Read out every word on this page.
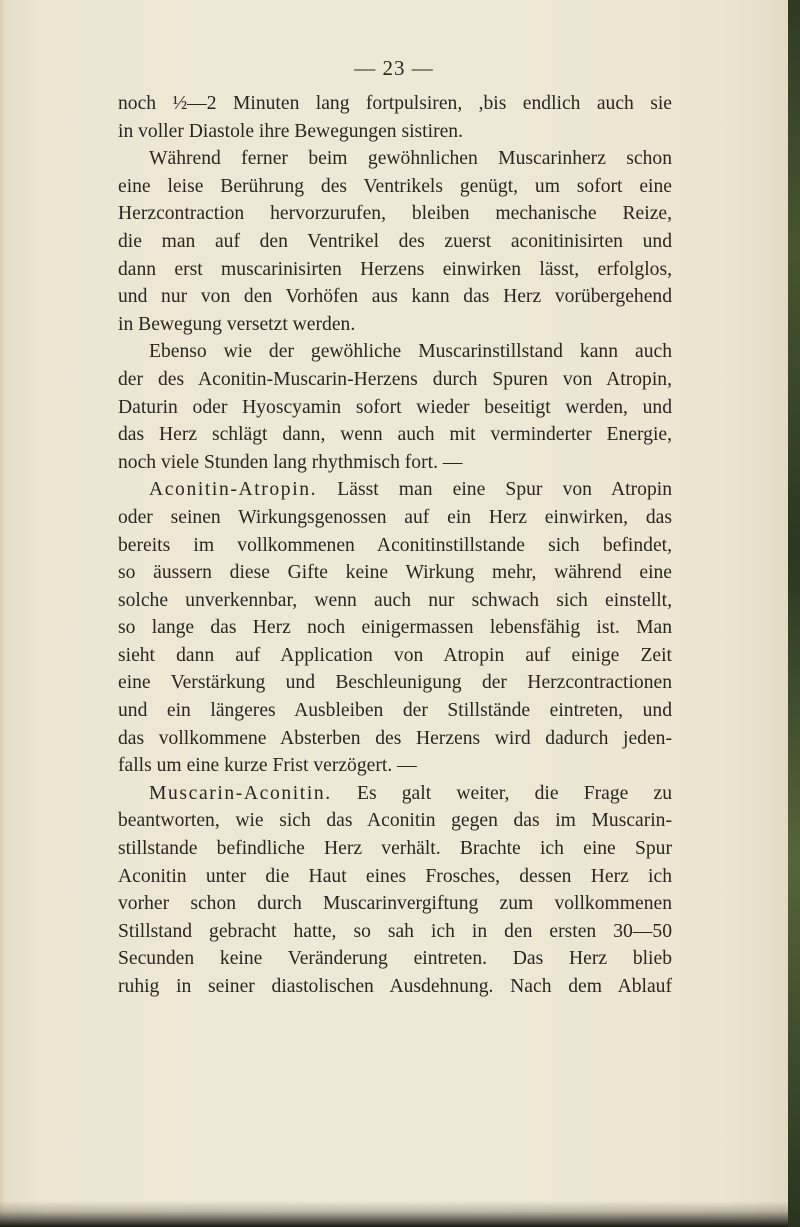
— 23 —
noch ½—2 Minuten lang fortpulsiren, ,bis endlich auch sie
in voller Diastole ihre Bewegungen sistiren.
Während ferner beim gewöhnlichen Muscarinherz schon
eine leise Berührung des Ventrikels genügt, um sofort eine
Herzcontraction hervorzurufen, bleiben mechanische Reize,
die man auf den Ventrikel des zuerst aconitinisirten und
dann erst muscarinisirten Herzens einwirken lässt, erfolglos,
und nur von den Vorhöfen aus kann das Herz vorübergehend
in Bewegung versetzt werden.
Ebenso wie der gewöhliche Muscarinstillstand kann auch
der des Aconitin-Muscarin-Herzens durch Spuren von Atropin,
Daturin oder Hyoscyamin sofort wieder beseitigt werden, und
das Herz schlägt dann, wenn auch mit verminderter Energie,
noch viele Stunden lang rhythmisch fort. —
Aconitin-Atropin. Lässt man eine Spur von Atropin
oder seinen Wirkungsgenossen auf ein Herz einwirken, das
bereits im vollkommenen Aconitinstillstande sich befindet,
so äussern diese Gifte keine Wirkung mehr, während eine
solche unverkennbar, wenn auch nur schwach sich einstellt,
so lange das Herz noch einigermassen lebensfähig ist. Man
sieht dann auf Application von Atropin auf einige Zeit
eine Verstärkung und Beschleunigung der Herzcontractionen
und ein längeres Ausbleiben der Stillstände eintreten, und
das vollkommene Absterben des Herzens wird dadurch jeden-
falls um eine kurze Frist verzögert. —
Muscarin-Aconitin. Es galt weiter, die Frage zu
beantworten, wie sich das Aconitin gegen das im Muscarin-
stillstande befindliche Herz verhält. Brachte ich eine Spur
Aconitin unter die Haut eines Frosches, dessen Herz ich
vorher schon durch Muscarinvergiftung zum vollkommenen
Stillstand gebracht hatte, so sah ich in den ersten 30—50
Secunden keine Veränderung eintreten. Das Herz blieb
ruhig in seiner diastolischen Ausdehnung. Nach dem Ablauf
